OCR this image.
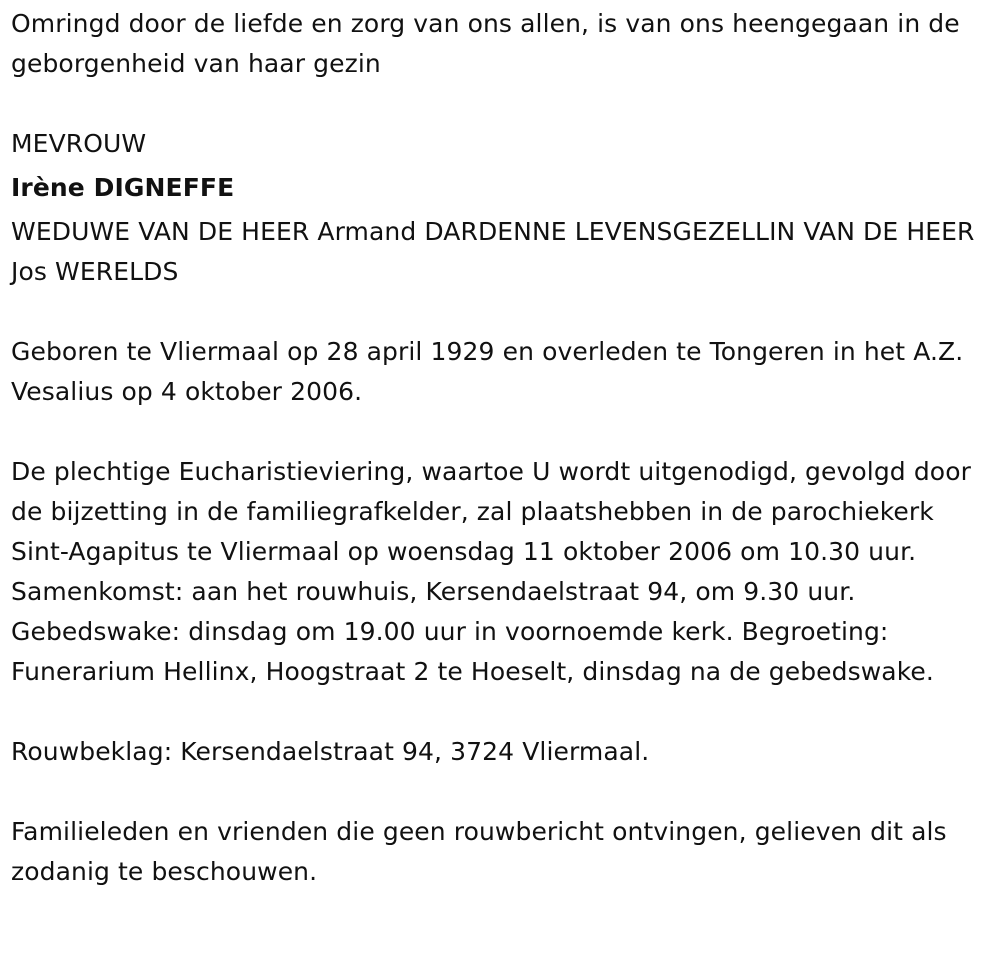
Omringd door de liefde en zorg van ons allen, is van ons heengegaan in de geborgenheid van haar gezin

MEVROUW

Irène DIGNEFFE

WEDUWE VAN DE HEER Armand DARDENNE LEVENSGEZELLIN VAN DE HEER Jos WERELDS

Geboren te Vliermaal op 28 april 1929 en overleden te Tongeren in het A.Z. Vesalius op 4 oktober 2006.

De plechtige Eucharistieviering, waartoe U wordt uitgenodigd, gevolgd door de bijzetting in de familiegrafkelder, zal plaatshebben in de parochiekerk Sint-Agapitus te Vliermaal op woensdag 11 oktober 2006 om 10.30 uur. Samenkomst: aan het rouwhuis, Kersendaelstraat 94, om 9.30 uur. Gebedswake: dinsdag om 19.00 uur in voornoemde kerk. Begroeting: Funerarium Hellinx, Hoogstraat 2 te Hoeselt, dinsdag na de gebedswake.

Rouwbeklag: Kersendaelstraat 94, 3724 Vliermaal.

Familieleden en vrienden die geen rouwbericht ontvingen, gelieven dit als zodanig te beschouwen.
